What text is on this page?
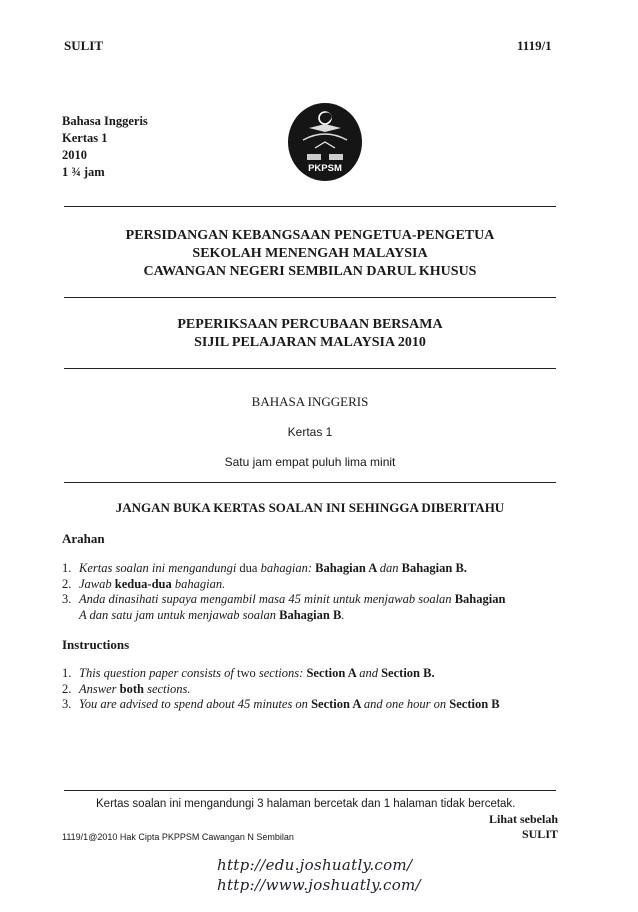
SULIT	1119/1
Bahasa Inggeris
Kertas 1
2010
1 ¾ jam	PKPSM
PERSIDANGAN KEBANGSAAN PENGETUA-PENGETUA
SEKOLAH MENENGAH MALAYSIA
CAWANGAN NEGERI SEMBILAN DARUL KHUSUS
PEPERIKSAAN PERCUBAAN BERSAMA
SIJIL PELAJARAN MALAYSIA 2010
BAHASA INGGERIS
Kertas 1
Satu jam empat puluh lima minit
JANGAN BUKA KERTAS SOALAN INI SEHINGGA DIBERITAHU
Arahan
1. Kertas soalan ini mengandungi dua bahagian: Bahagian A dan Bahagian B.
2. Jawab kedua-dua bahagian.
3. Anda dinasihati supaya mengambil masa 45 minit untuk menjawab soalan Bahagian
A dan satu jam untuk menjawab soalan Bahagian B.
Instructions
1. This question paper consists of two sections: Section A and Section B.
2. Answer both sections.
3. You are advised to spend about 45 minutes on Section A and one hour on Section B
Kertas soalan ini mengandungi 3 halaman bercetak dan 1 halaman tidak bercetak.
Lihat sebelah
SULIT
1119/1@2010 Hak Cipta PKPPSM Cawangan N Sembilan
http://edu.joshuatly.com/
http://www.joshuatly.com/
